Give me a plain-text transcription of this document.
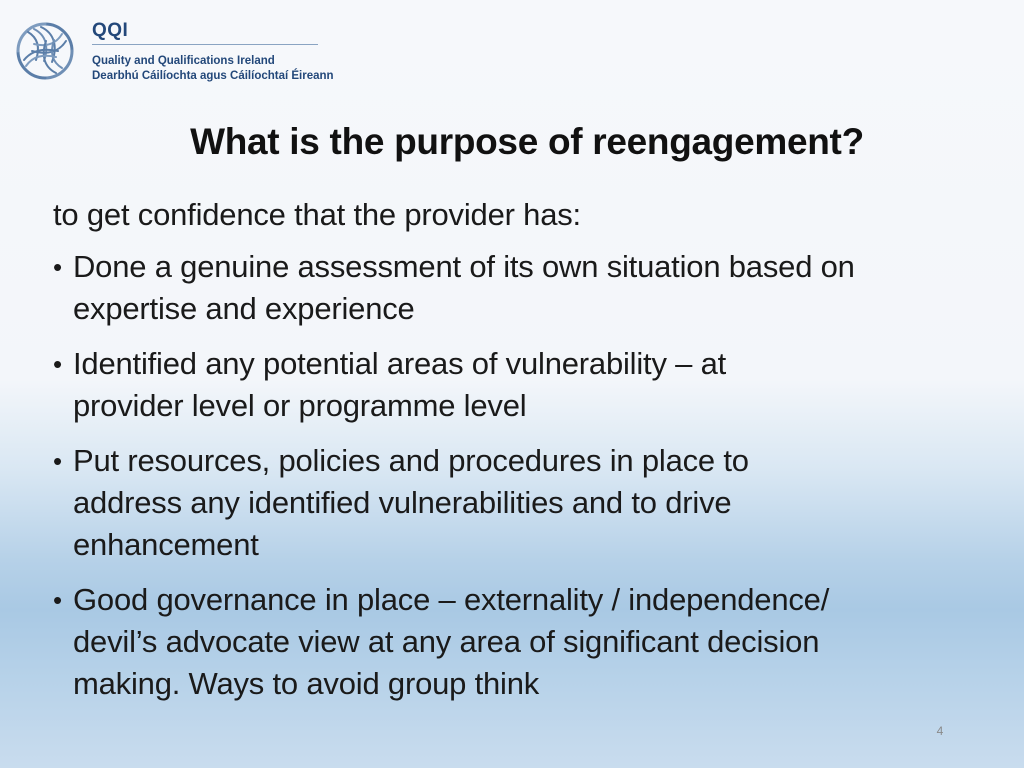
QQI
Quality and Qualifications Ireland
Dearbhú Cáilíochta agus Cáilíochtaí Éireann
What is the purpose of reengagement?
to get confidence that the provider has:
• Done a genuine assessment of its own situation based on
expertise and experience
• Identified any potential areas of vulnerability – at
provider level or programme level
• Put resources, policies and procedures in place to
address any identified vulnerabilities and to drive
enhancement
• Good governance in place – externality / independence/
devil’s advocate view at any area of significant decision
making. Ways to avoid group think
4
